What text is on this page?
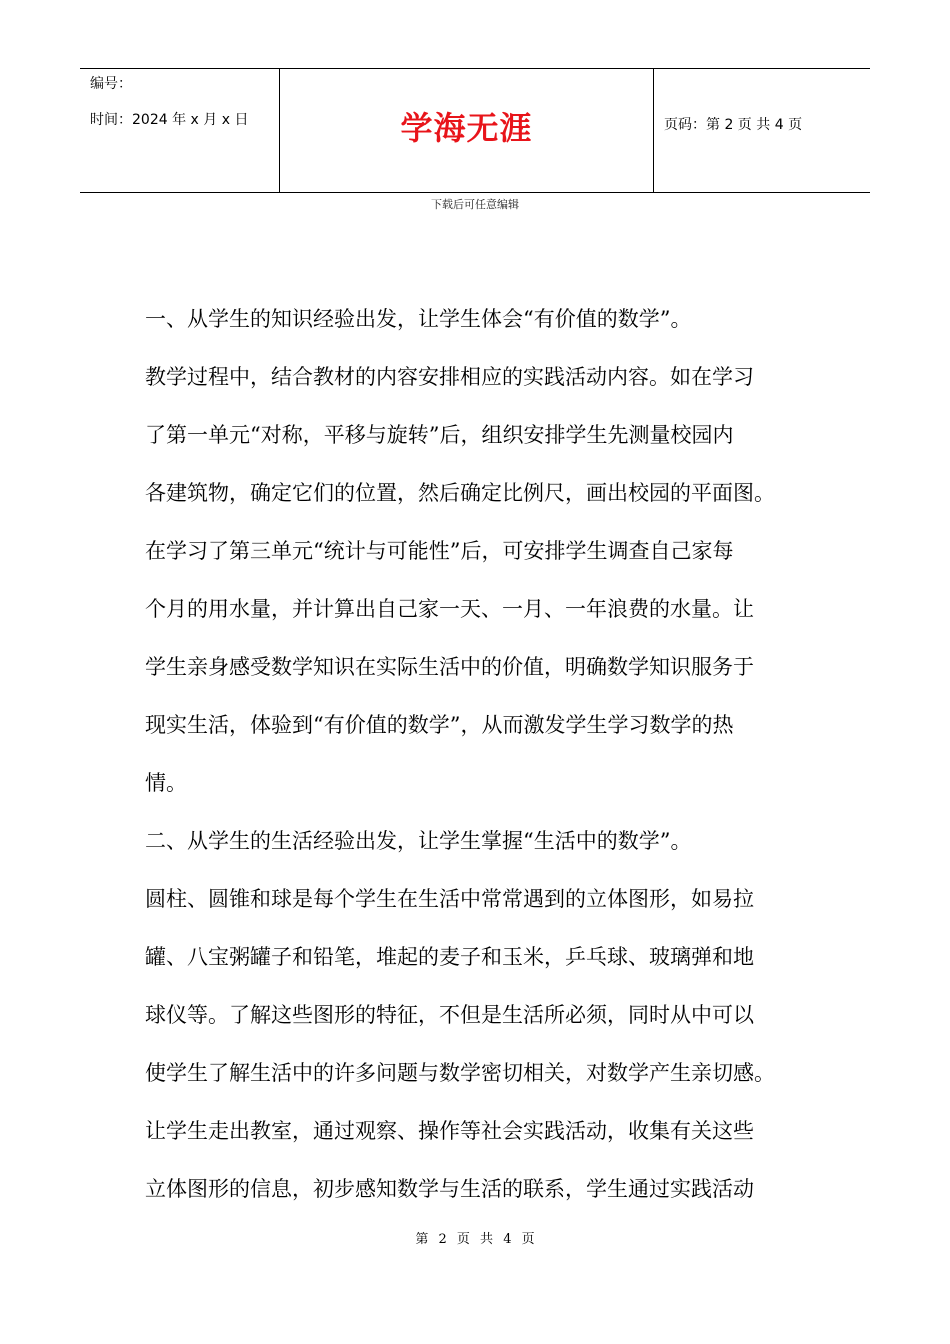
编号：
时间：2024 年 x 月 x 日	学海无涯	页码：第 2 页 共 4 页
下载后可任意编辑
一、从学生的知识经验出发，让学生体会“有价值的数学”。
教学过程中，结合教材的内容安排相应的实践活动内容。如在学习
了第一单元“对称，平移与旋转”后，组织安排学生先测量校园内
各建筑物，确定它们的位置，然后确定比例尺，画出校园的平面图。
在学习了第三单元“统计与可能性”后，可安排学生调查自己家每
个月的用水量，并计算出自己家一天、一月、一年浪费的水量。让
学生亲身感受数学知识在实际生活中的价值，明确数学知识服务于
现实生活，体验到“有价值的数学”，从而激发学生学习数学的热
情。
二、从学生的生活经验出发，让学生掌握“生活中的数学”。
圆柱、圆锥和球是每个学生在生活中常常遇到的立体图形，如易拉
罐、八宝粥罐子和铅笔，堆起的麦子和玉米，乒乓球、玻璃弹和地
球仪等。了解这些图形的特征，不但是生活所必须，同时从中可以
使学生了解生活中的许多问题与数学密切相关，对数学产生亲切感。
让学生走出教室，通过观察、操作等社会实践活动，收集有关这些
立体图形的信息，初步感知数学与生活的联系，学生通过实践活动
第 2 页 共 4 页
